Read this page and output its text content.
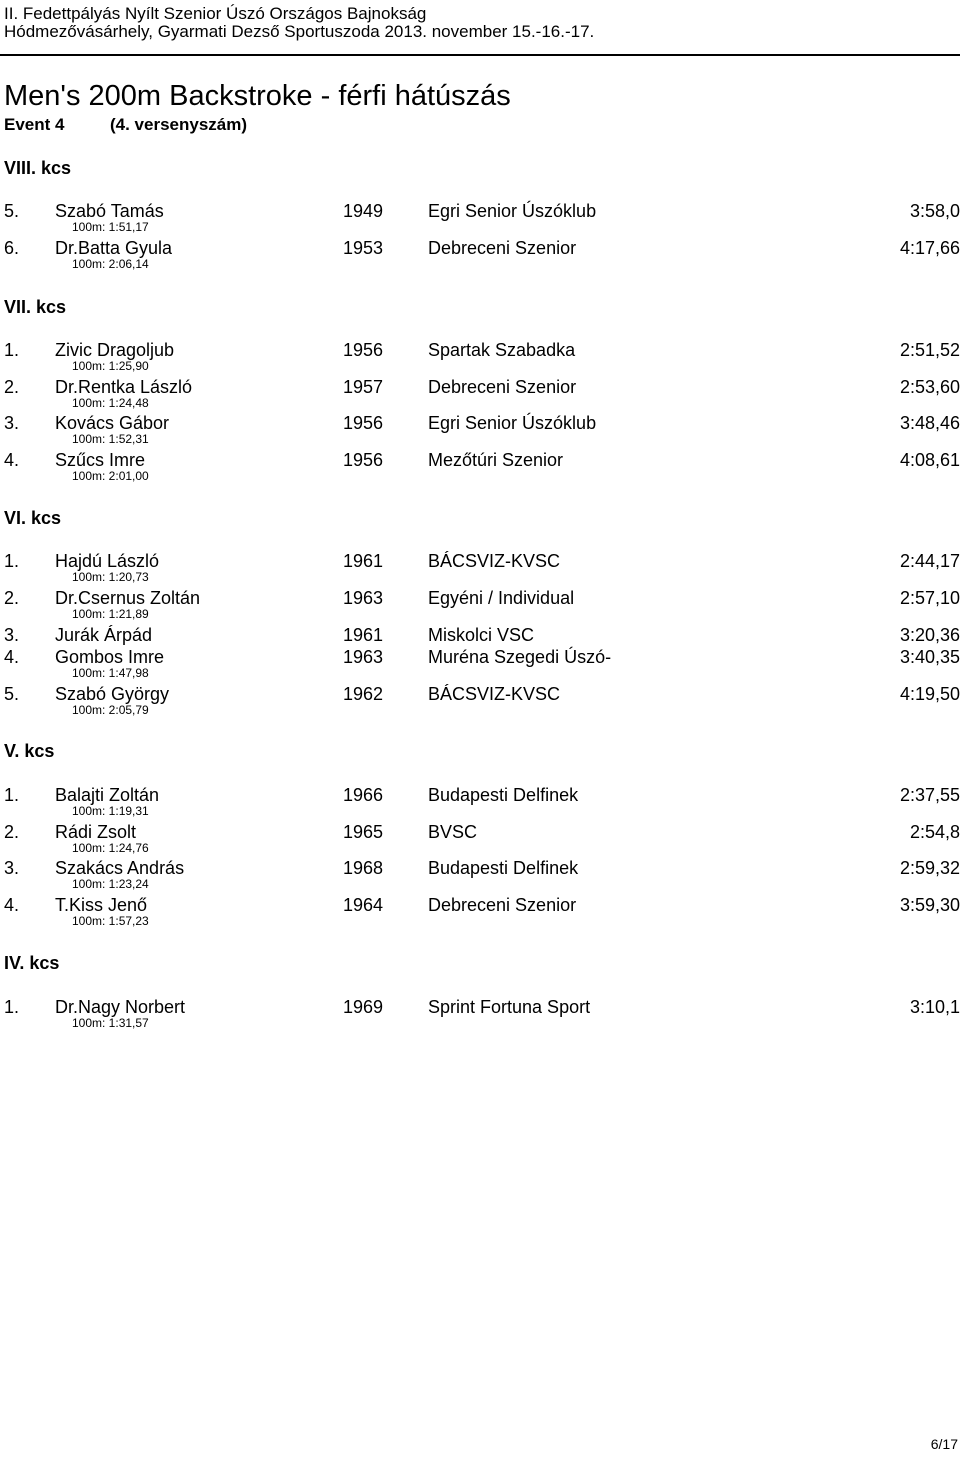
II. Fedettpályás Nyílt Szenior Úszó Országos Bajnokság
Hódmezővásárhely, Gyarmati Dezső Sportuszoda 2013. november 15.-16.-17.
Men's 200m Backstroke - férfi hátúszás
Event 4	(4. versenyszám)
VIII. kcs
5. Szabó Tamás	1949 Egri Senior Úszóklub	3:58,0
100m: 1:51,17
6. Dr.Batta Gyula	1953 Debreceni Szenior	4:17,66
100m: 2:06,14
VII. kcs
1. Zivic Dragoljub	1956 Spartak Szabadka	2:51,52
100m: 1:25,90
2. Dr.Rentka László	1957 Debreceni Szenior	2:53,60
100m: 1:24,48
3. Kovács Gábor	1956 Egri Senior Úszóklub	3:48,46
100m: 1:52,31
4. Szűcs Imre	1956 Mezőtúri Szenior	4:08,61
100m: 2:01,00
VI. kcs
1. Hajdú László	1961 BÁCSVIZ-KVSC	2:44,17
100m: 1:20,73
2. Dr.Csernus Zoltán	1963 Egyéni / Individual	2:57,10
100m: 1:21,89
3. Jurák Árpád	1961 Miskolci VSC	3:20,36
4. Gombos Imre	1963 Muréna Szegedi Úszó-	3:40,35
100m: 1:47,98
5. Szabó György	1962 BÁCSVIZ-KVSC	4:19,50
100m: 2:05,79
V. kcs
1. Balajti Zoltán	1966 Budapesti Delfinek	2:37,55
100m: 1:19,31
2. Rádi Zsolt	1965 BVSC	2:54,8
100m: 1:24,76
3. Szakács András	1968 Budapesti Delfinek	2:59,32
100m: 1:23,24
4. T.Kiss Jenő	1964 Debreceni Szenior	3:59,30
100m: 1:57,23
IV. kcs
1. Dr.Nagy Norbert	1969 Sprint Fortuna Sport	3:10,1
100m: 1:31,57
6/17
